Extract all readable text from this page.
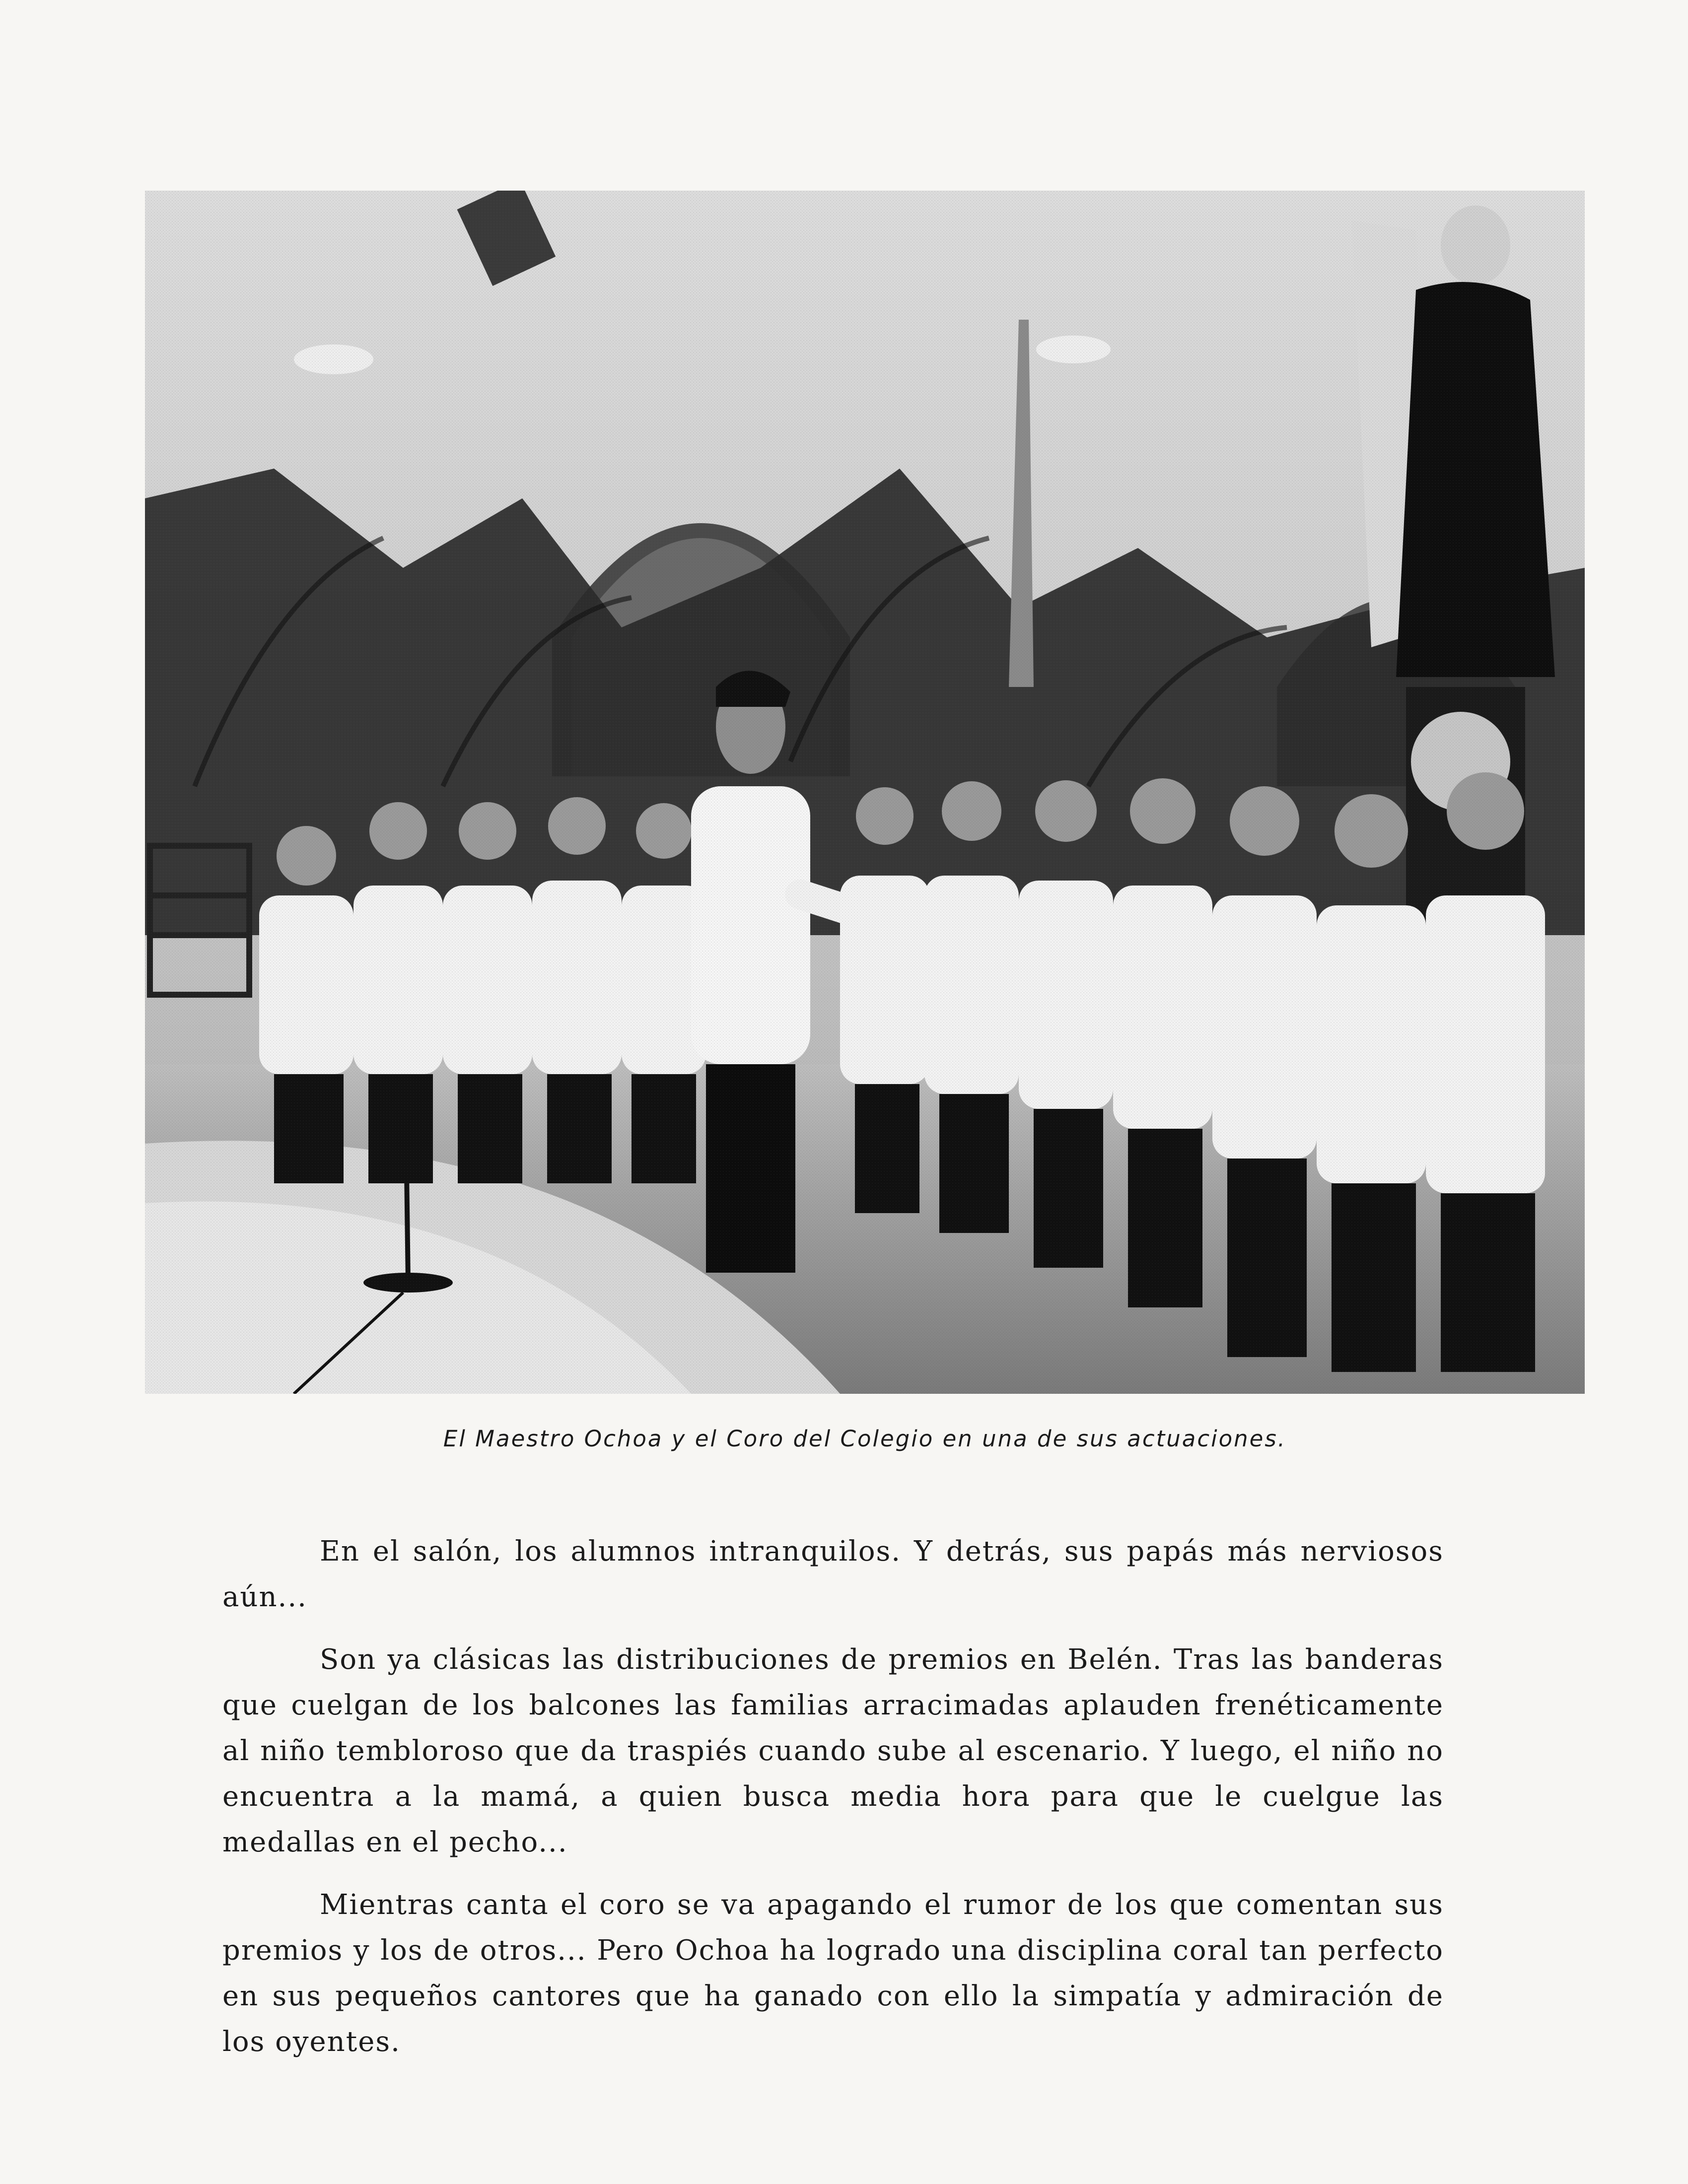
El Maestro Ochoa y el Coro del Colegio en una de sus actuaciones.

En el salón, los alumnos intranquilos. Y detrás, sus papás más nerviosos aún...

Son ya clásicas las distribuciones de premios en Belén. Tras las banderas que cuelgan de los balcones las familias arracimadas aplauden frenéticamente al niño tembloroso que da traspiés cuando sube al escenario. Y luego, el niño no encuentra a la mamá, a quien busca media hora para que le cuelgue las medallas en el pecho...

Mientras canta el coro se va apagando el rumor de los que comentan sus premios y los de otros... Pero Ochoa ha logrado una disciplina coral tan perfecto en sus pequeños cantores que ha ganado con ello la simpatía y admiración de los oyentes.
